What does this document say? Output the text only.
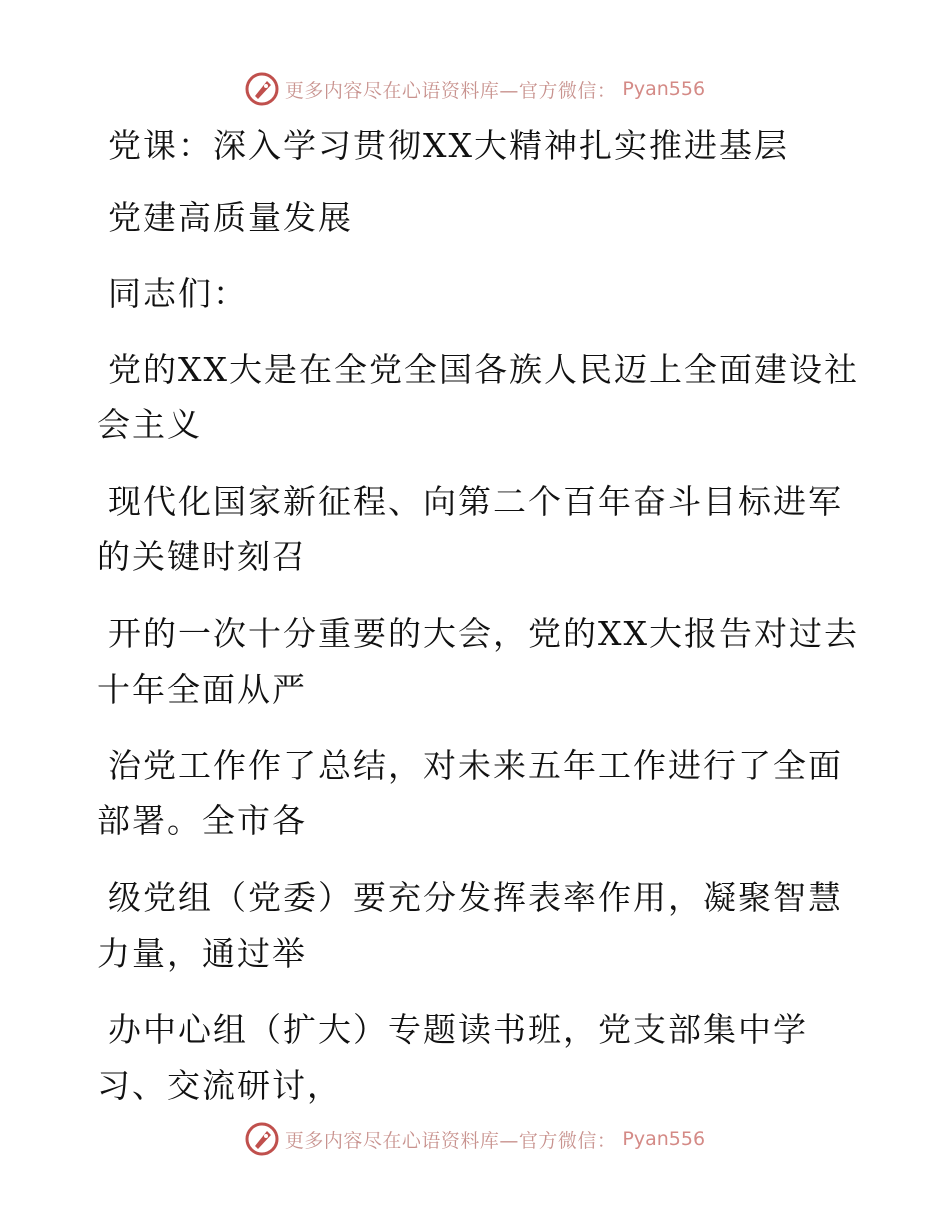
更多内容尽在心语资料库—官方微信： Pyan556
党课：深入学习贯彻XX大精神扎实推进基层
党建高质量发展
同志们：
党的XX大是在全党全国各族人民迈上全面建设社
会主义
现代化国家新征程、向第二个百年奋斗目标进军
的关键时刻召
开的一次十分重要的大会，党的XX大报告对过去
十年全面从严
治党工作作了总结，对未来五年工作进行了全面
部署。全市各
级党组（党委）要充分发挥表率作用，凝聚智慧
力量，通过举
办中心组（扩大）专题读书班，党支部集中学
习、交流研讨，
更多内容尽在心语资料库—官方微信： Pyan556
